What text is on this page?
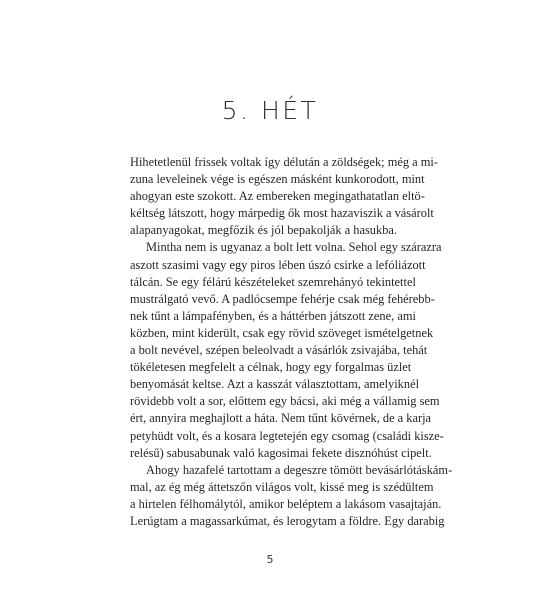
5. HÉT
Hihetetlenül frissek voltak így délután a zöldségek; még a mi-
zuna leveleinek vége is egészen másként kunkorodott, mint
ahogyan este szokott. Az embereken megingathatatlan eltö-
kéltség látszott, hogy márpedig ők most hazaviszik a vásárolt
alapanyagokat, megfőzik és jól bepakolják a hasukba.
Mintha nem is ugyanaz a bolt lett volna. Sehol egy szárazra
aszott szasimi vagy egy piros lében úszó csirke a lefóliázott
tálcán. Se egy félárú készételeket szemrehányó tekintettel
mustrálgató vevő. A padlócsempe fehérje csak még fehérebb-
nek tűnt a lámpafényben, és a háttérben játszott zene, ami
közben, mint kiderült, csak egy rövid szöveget ismételgetnek
a bolt nevével, szépen beleolvadt a vásárlók zsivajába, tehát
tökéletesen megfelelt a célnak, hogy egy forgalmas üzlet
benyomását keltse. Azt a kasszát választottam, amelyiknél
rövidebb volt a sor, előttem egy bácsi, aki még a vállamig sem
ért, annyira meghajlott a háta. Nem tűnt kövérnek, de a karja
petyhüdt volt, és a kosara legtetején egy csomag (családi kisze-
relésű) sabusabunak való kagosimai fekete disznóhúst cipelt.
Ahogy hazafelé tartottam a degeszre tömött bevásárlótáskám-
mal, az ég még áttetszőn világos volt, kissé meg is szédültem
a hirtelen félhomálytól, amikor beléptem a lakásom vasajtaján.
Lerúgtam a magassarkúmat, és lerogytam a földre. Egy darabig
5
